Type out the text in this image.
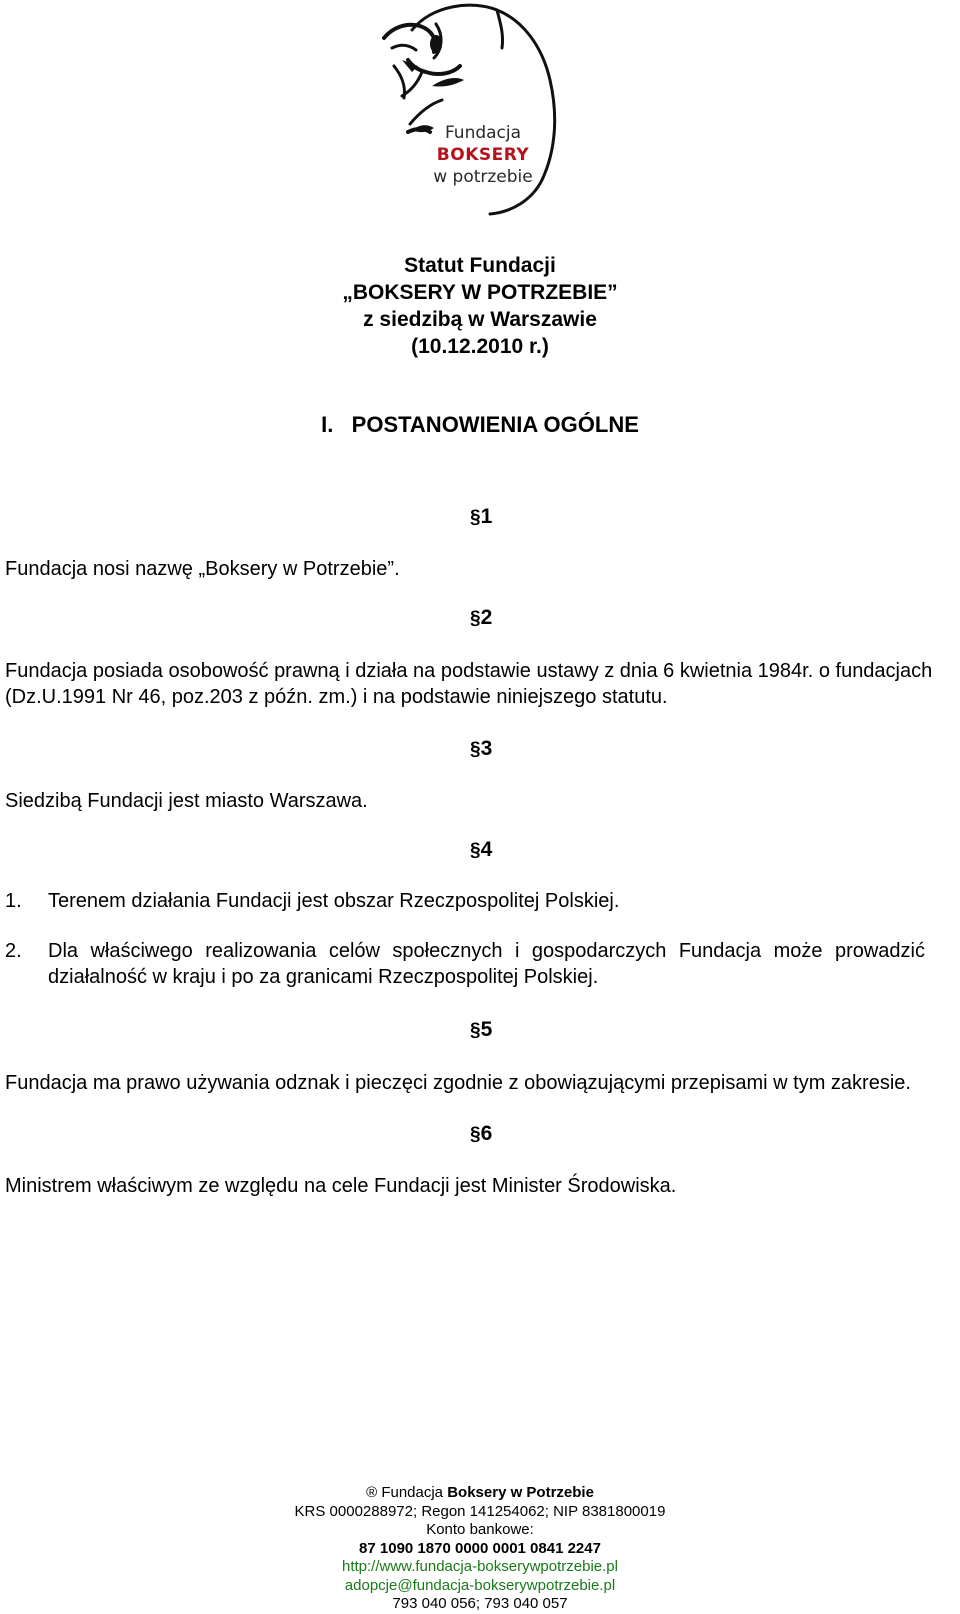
Fundacja
BOKSERY
w potrzebie
Statut Fundacji
„BOKSERY W POTRZEBIE”
z siedzibą w Warszawie
(10.12.2010 r.)
I.   POSTANOWIENIA OGÓLNE
§1
Fundacja nosi nazwę „Boksery w Potrzebie”.
§2
Fundacja posiada osobowość prawną i działa na podstawie ustawy z dnia 6 kwietnia 1984r. o fundacjach (Dz.U.1991 Nr 46, poz.203 z późn. zm.) i na podstawie niniejszego statutu.
§3
Siedzibą Fundacji jest miasto Warszawa.
§4
1. Terenem działania Fundacji jest obszar Rzeczpospolitej Polskiej.
2. Dla właściwego realizowania celów społecznych i gospodarczych Fundacja może prowadzić działalność w kraju i po za granicami Rzeczpospolitej Polskiej.
§5
Fundacja ma prawo używania odznak i pieczęci zgodnie z obowiązującymi przepisami w tym zakresie.
§6
Ministrem właściwym ze względu na cele Fundacji jest Minister Środowiska.
® Fundacja Boksery w Potrzebie
KRS 0000288972; Regon 141254062; NIP 8381800019
Konto bankowe:
87 1090 1870 0000 0001 0841 2247
http://www.fundacja-bokserywpotrzebie.pl
adopcje@fundacja-bokserywpotrzebie.pl
793 040 056; 793 040 057
